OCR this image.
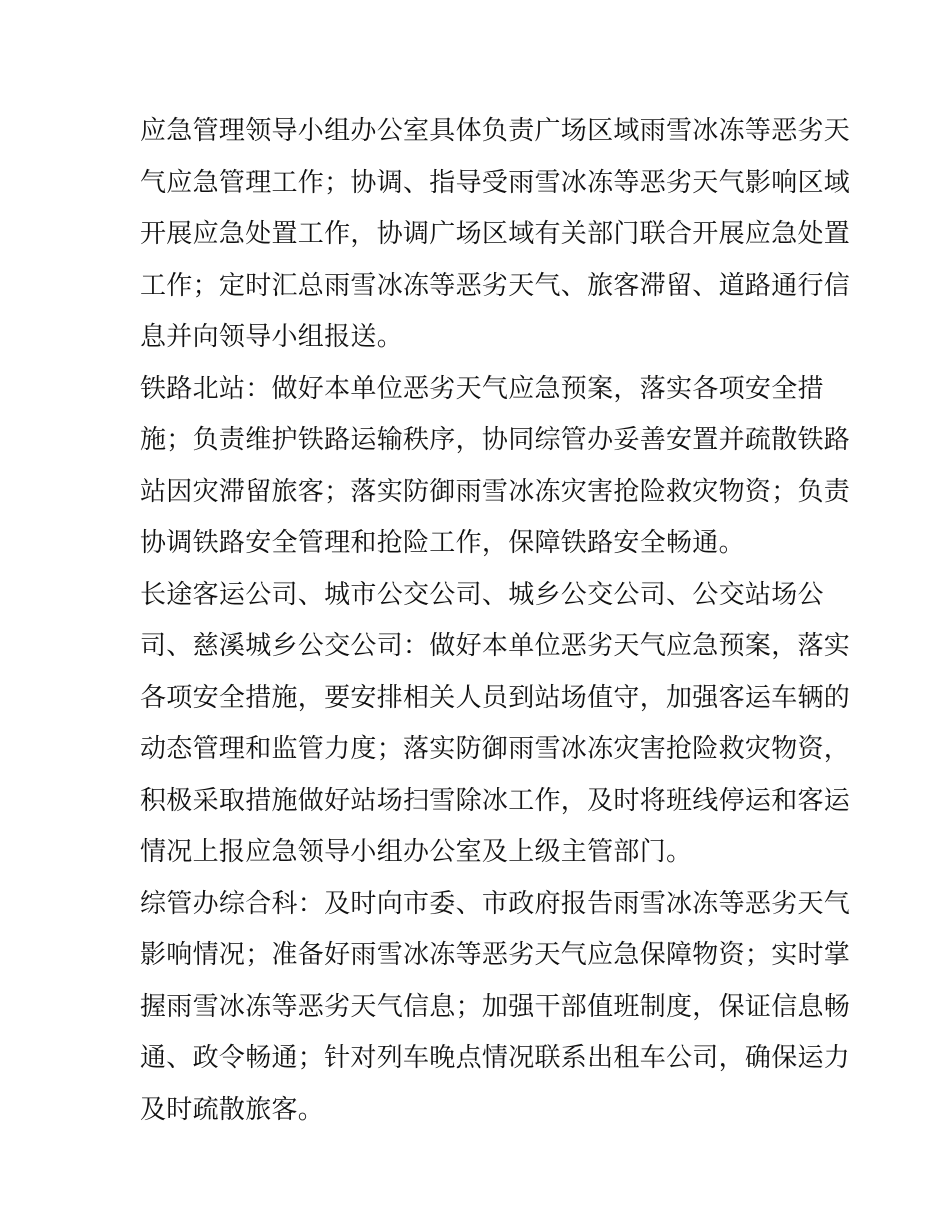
应急管理领导小组办公室具体负责广场区域雨雪冰冻等恶劣天
气应急管理工作；协调、指导受雨雪冰冻等恶劣天气影响区域
开展应急处置工作，协调广场区域有关部门联合开展应急处置
工作；定时汇总雨雪冰冻等恶劣天气、旅客滞留、道路通行信
息并向领导小组报送。

铁路北站：做好本单位恶劣天气应急预案，落实各项安全措
施；负责维护铁路运输秩序，协同综管办妥善安置并疏散铁路
站因灾滞留旅客；落实防御雨雪冰冻灾害抢险救灾物资；负责
协调铁路安全管理和抢险工作，保障铁路安全畅通。

长途客运公司、城市公交公司、城乡公交公司、公交站场公
司、慈溪城乡公交公司：做好本单位恶劣天气应急预案，落实
各项安全措施，要安排相关人员到站场值守，加强客运车辆的
动态管理和监管力度；落实防御雨雪冰冻灾害抢险救灾物资，
积极采取措施做好站场扫雪除冰工作，及时将班线停运和客运
情况上报应急领导小组办公室及上级主管部门。

综管办综合科：及时向市委、市政府报告雨雪冰冻等恶劣天气
影响情况；准备好雨雪冰冻等恶劣天气应急保障物资；实时掌
握雨雪冰冻等恶劣天气信息；加强干部值班制度，保证信息畅
通、政令畅通；针对列车晚点情况联系出租车公司，确保运力
及时疏散旅客。
